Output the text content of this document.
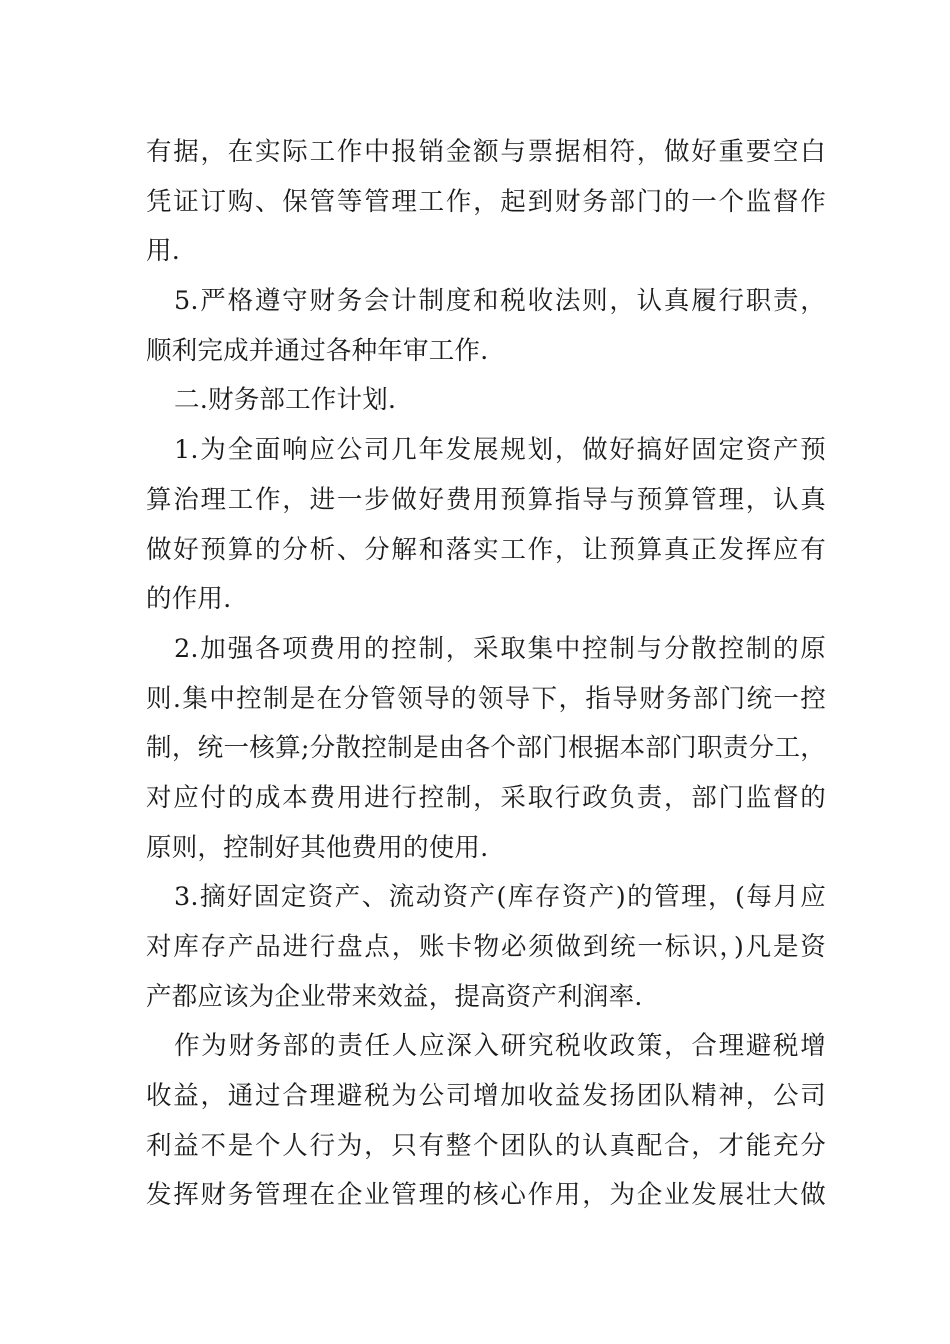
有据，在实际工作中报销金额与票据相符，做好重要空白
凭证订购、保管等管理工作，起到财务部门的一个监督作
用.
5.严格遵守财务会计制度和税收法则，认真履行职责，
顺利完成并通过各种年审工作.
二.财务部工作计划.
1.为全面响应公司几年发展规划，做好搞好固定资产预
算治理工作，进一步做好费用预算指导与预算管理，认真
做好预算的分析、分解和落实工作，让预算真正发挥应有
的作用.
2.加强各项费用的控制，采取集中控制与分散控制的原
则.集中控制是在分管领导的领导下，指导财务部门统一控
制，统一核算;分散控制是由各个部门根据本部门职责分工，
对应付的成本费用进行控制，采取行政负责，部门监督的
原则，控制好其他费用的使用.
3.摘好固定资产、流动资产(库存资产)的管理，(每月应
对库存产品进行盘点，账卡物必须做到统一标识，)凡是资
产都应该为企业带来效益，提高资产利润率.
作为财务部的责任人应深入研究税收政策，合理避税增
收益，通过合理避税为公司增加收益发扬团队精神，公司
利益不是个人行为，只有整个团队的认真配合，才能充分
发挥财务管理在企业管理的核心作用，为企业发展壮大做
